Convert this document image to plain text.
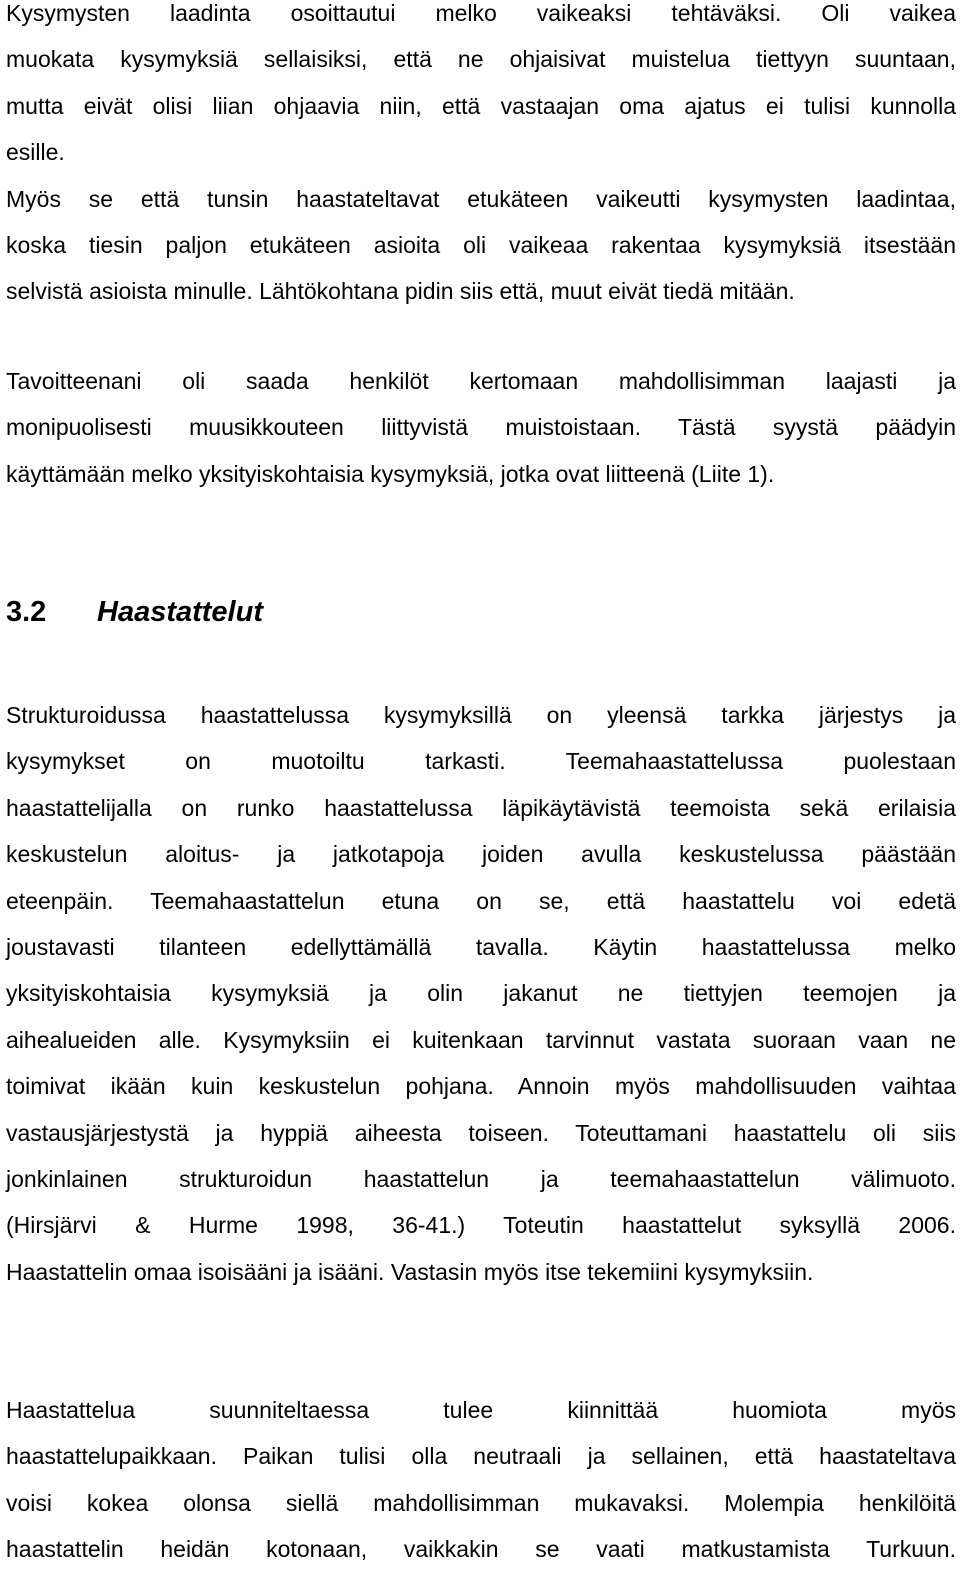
Kysymysten laadinta osoittautui melko vaikeaksi tehtäväksi. Oli vaikea
muokata kysymyksiä sellaisiksi, että ne ohjaisivat muistelua tiettyyn suuntaan,
mutta eivät olisi liian ohjaavia niin, että vastaajan oma ajatus ei tulisi kunnolla
esille.
Myös se että tunsin haastateltavat etukäteen vaikeutti kysymysten laadintaa,
koska tiesin paljon etukäteen asioita oli vaikeaa rakentaa kysymyksiä itsestään
selvistä asioista minulle. Lähtökohtana pidin siis että, muut eivät tiedä mitään.
Tavoitteenani oli saada henkilöt kertomaan mahdollisimman laajasti ja
monipuolisesti muusikkouteen liittyvistä muistoistaan. Tästä syystä päädyin
käyttämään melko yksityiskohtaisia kysymyksiä, jotka ovat liitteenä (Liite 1).
3.2 Haastattelut
Strukturoidussa haastattelussa kysymyksillä on yleensä tarkka järjestys ja
kysymykset on muotoiltu tarkasti. Teemahaastattelussa puolestaan
haastattelijalla on runko haastattelussa läpikäytävistä teemoista sekä erilaisia
keskustelun aloitus- ja jatkotapoja joiden avulla keskustelussa päästään
eteenpäin. Teemahaastattelun etuna on se, että haastattelu voi edetä
joustavasti tilanteen edellyttämällä tavalla. Käytin haastattelussa melko
yksityiskohtaisia kysymyksiä ja olin jakanut ne tiettyjen teemojen ja
aihealueiden alle. Kysymyksiin ei kuitenkaan tarvinnut vastata suoraan vaan ne
toimivat ikään kuin keskustelun pohjana. Annoin myös mahdollisuuden vaihtaa
vastausjärjestystä ja hyppiä aiheesta toiseen. Toteuttamani haastattelu oli siis
jonkinlainen strukturoidun haastattelun ja teemahaastattelun välimuoto.
(Hirsjärvi & Hurme 1998, 36-41.) Toteutin haastattelut syksyllä 2006.
Haastattelin omaa isoisääni ja isääni. Vastasin myös itse tekemiini kysymyksiin.
Haastattelua suunniteltaessa tulee kiinnittää huomiota myös
haastattelupaikkaan. Paikan tulisi olla neutraali ja sellainen, että haastateltava
voisi kokea olonsa siellä mahdollisimman mukavaksi. Molempia henkilöitä
haastattelin heidän kotonaan, vaikkakin se vaati matkustamista Turkuun.
